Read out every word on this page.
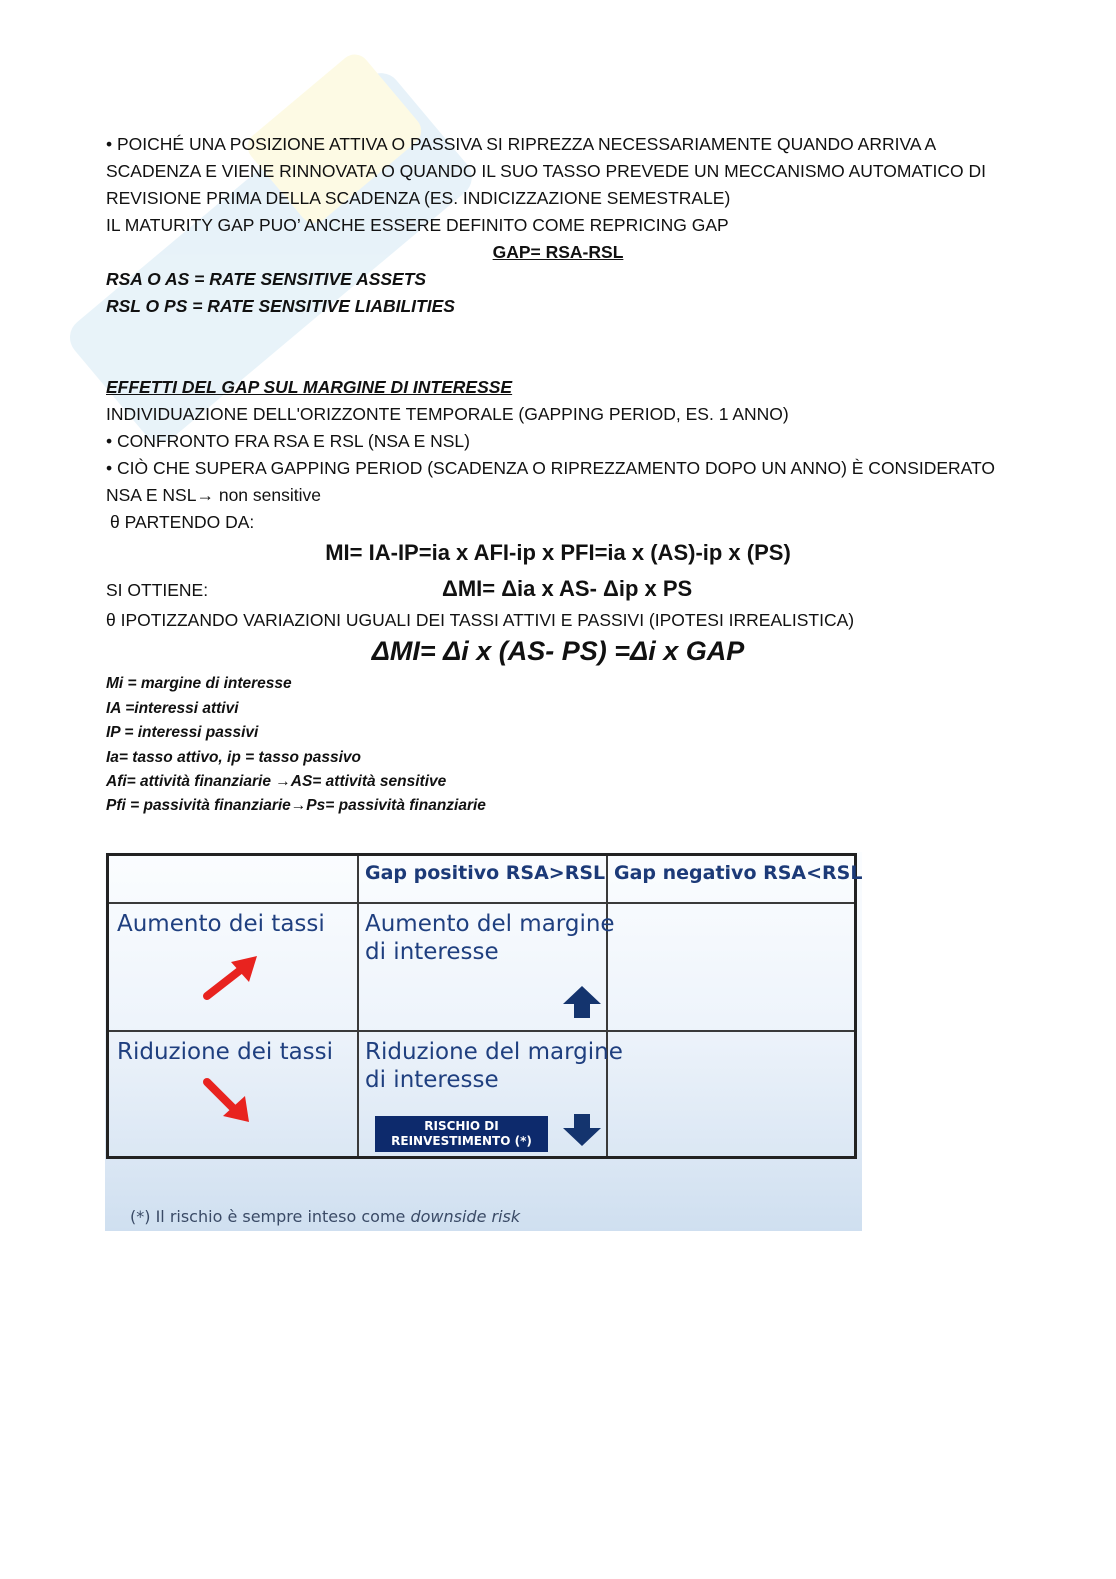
• POICHÉ UNA POSIZIONE ATTIVA O PASSIVA SI RIPREZZA NECESSARIAMENTE QUANDO ARRIVA A

SCADENZA E VIENE RINNOVATA O QUANDO IL SUO TASSO PREVEDE UN MECCANISMO AUTOMATICO DI

REVISIONE PRIMA DELLA SCADENZA (ES. INDICIZZAZIONE SEMESTRALE)

IL MATURITY GAP PUO’ ANCHE ESSERE DEFINITO COME REPRICING GAP

GAP= RSA-RSL

RSA O AS = RATE SENSITIVE ASSETS

RSL O PS = RATE SENSITIVE LIABILITIES

EFFETTI DEL GAP SUL MARGINE DI INTERESSE

INDIVIDUAZIONE DELL'ORIZZONTE TEMPORALE (GAPPING PERIOD, ES. 1 ANNO)

• CONFRONTO FRA RSA E RSL (NSA E NSL)

• CIÒ CHE SUPERA GAPPING PERIOD (SCADENZA O RIPREZZAMENTO DOPO UN ANNO) È CONSIDERATO

NSA E NSL→ non sensitive

θ PARTENDO DA:

MI= IA-IP=ia x AFI-ip x PFI=ia x (AS)-ip x (PS)

SI OTTIENE:	ΔMI= Δia x AS- Δip x PS

θ IPOTIZZANDO VARIAZIONI UGUALI DEI TASSI ATTIVI E PASSIVI (IPOTESI IRREALISTICA)

ΔMI= Δi x (AS- PS) =Δi x GAP
Mi = margine di interesse
IA =interessi attivi
IP = interessi passivi
Ia= tasso attivo, ip = tasso passivo
Afi= attività finanziarie →AS= attività sensitive
Pfi = passività finanziarie→Ps= passività finanziarie
Gap positivo RSA>RSL Gap negativo RSA<RSL
Aumento dei tassi Aumento del margine
di interesse
Riduzione dei tassi Riduzione del margine
di interesse
RISCHIO DI
REINVESTIMENTO (*)
(*) Il rischio è sempre inteso come downside risk
